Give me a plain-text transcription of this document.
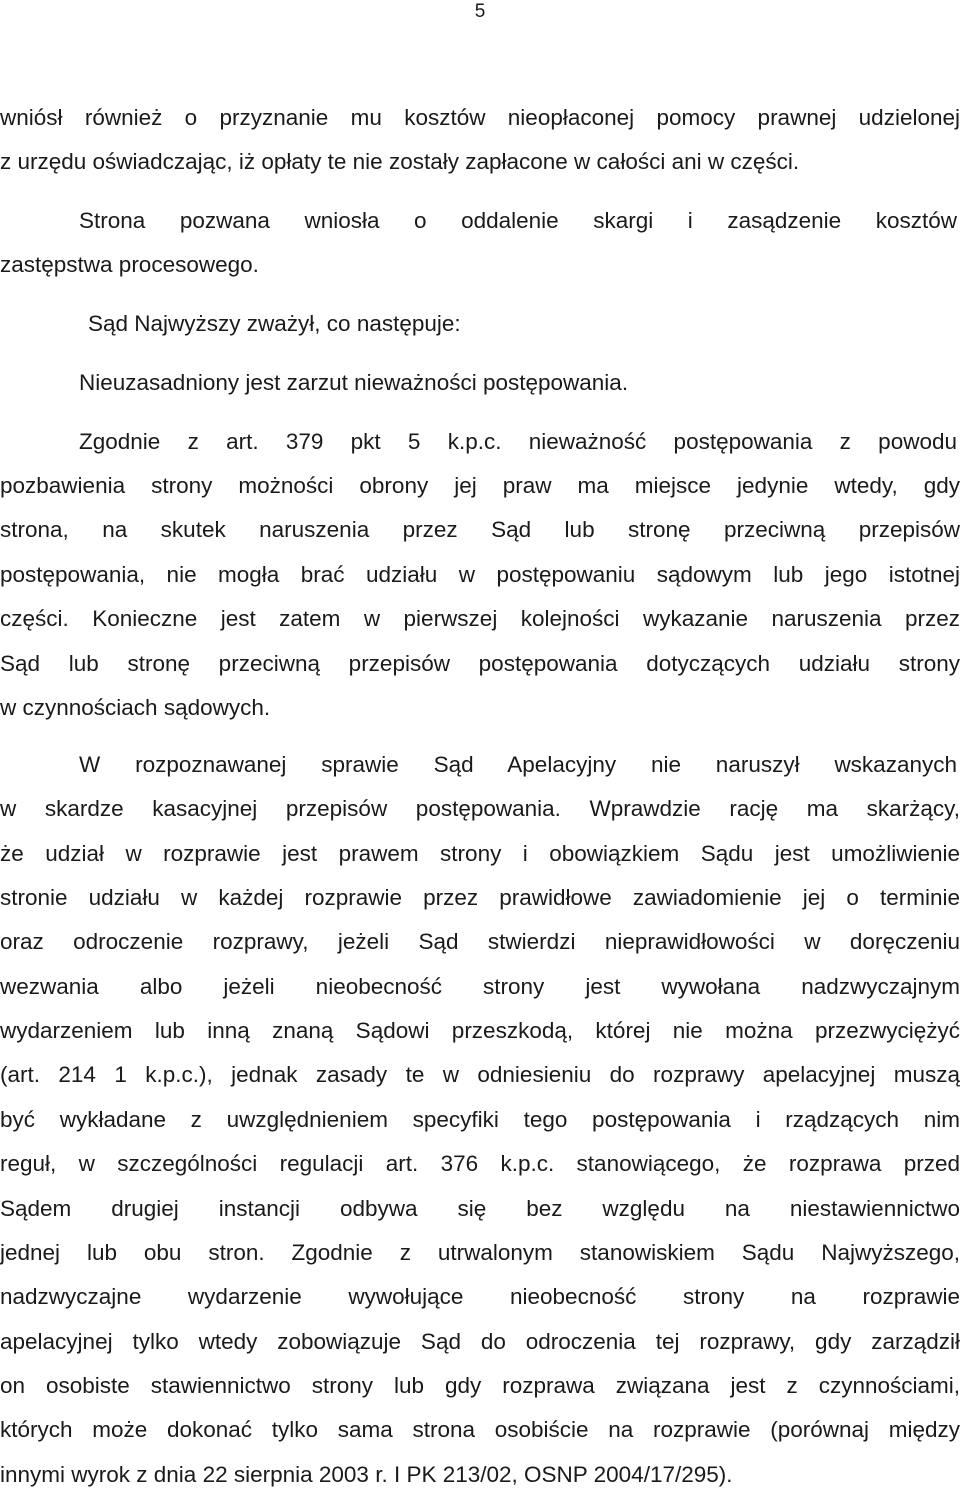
5
wniósł również o przyznanie mu kosztów nieopłaconej pomocy prawnej udzielonej
z urzędu oświadczając, iż opłaty te nie zostały zapłacone w całości ani w części.
Strona pozwana wniosła o oddalenie skargi i zasądzenie kosztów
zastępstwa procesowego.
Sąd Najwyższy zważył, co następuje:
Nieuzasadniony jest zarzut nieważności postępowania.
Zgodnie z art. 379 pkt 5 k.p.c. nieważność postępowania z powodu
pozbawienia strony możności obrony jej praw ma miejsce jedynie wtedy, gdy
strona, na skutek naruszenia przez Sąd lub stronę przeciwną przepisów
postępowania, nie mogła brać udziału w postępowaniu sądowym lub jego istotnej
części. Konieczne jest zatem w pierwszej kolejności wykazanie naruszenia przez
Sąd lub stronę przeciwną przepisów postępowania dotyczących udziału strony
w czynnościach sądowych.
W rozpoznawanej sprawie Sąd Apelacyjny nie naruszył wskazanych
w skardze kasacyjnej przepisów postępowania. Wprawdzie rację ma skarżący,
że udział w rozprawie jest prawem strony i obowiązkiem Sądu jest umożliwienie
stronie udziału w każdej rozprawie przez prawidłowe zawiadomienie jej o terminie
oraz odroczenie rozprawy, jeżeli Sąd stwierdzi nieprawidłowości w doręczeniu
wezwania albo jeżeli nieobecność strony jest wywołana nadzwyczajnym
wydarzeniem lub inną znaną Sądowi przeszkodą, której nie można przezwyciężyć
(art. 214 1 k.p.c.), jednak zasady te w odniesieniu do rozprawy apelacyjnej muszą
być wykładane z uwzględnieniem specyfiki tego postępowania i rządzących nim
reguł, w szczególności regulacji art. 376 k.p.c. stanowiącego, że rozprawa przed
Sądem drugiej instancji odbywa się bez względu na niestawiennictwo
jednej lub obu stron. Zgodnie z utrwalonym stanowiskiem Sądu Najwyższego,
nadzwyczajne wydarzenie wywołujące nieobecność strony na rozprawie
apelacyjnej tylko wtedy zobowiązuje Sąd do odroczenia tej rozprawy, gdy zarządził
on osobiste stawiennictwo strony lub gdy rozprawa związana jest z czynnościami,
których może dokonać tylko sama strona osobiście na rozprawie (porównaj między
innymi wyrok z dnia 22 sierpnia 2003 r. I PK 213/02, OSNP 2004/17/295).
